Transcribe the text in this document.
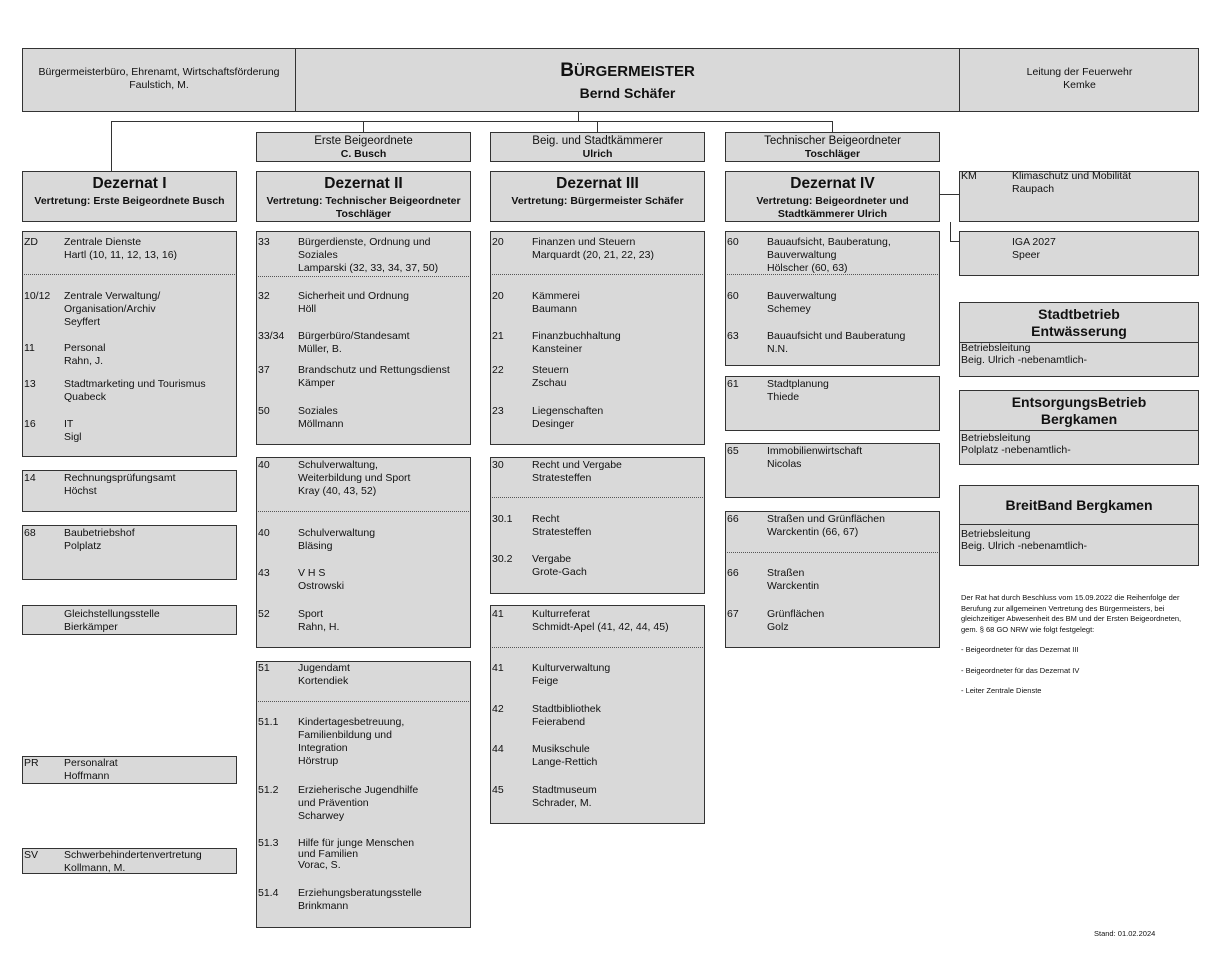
Bürgermeisterbüro, Ehrenamt, Wirtschaftsförderung
Faulstich, M.
BÜRGERMEISTER
Bernd Schäfer
Leitung der Feuerwehr
Kemke
Erste Beigeordnete
C. Busch
Beig. und Stadtkämmerer
Ulrich
Technischer Beigeordneter
Toschläger
Dezernat I
Vertretung: Erste Beigeordnete Busch
Dezernat II
Vertretung: Technischer Beigeordneter
Toschläger
Dezernat III
Vertretung: Bürgermeister Schäfer
Dezernat IV
Vertretung: Beigeordneter und
Stadtkämmerer Ulrich
ZD	Zentrale Dienste
Hartl (10, 11, 12, 13, 16)
10/12	Zentrale Verwaltung/
Organisation/Archiv
Seyffert
11	Personal
Rahn, J.
13	Stadtmarketing und Tourismus
Quabeck
16	IT
Sigl
14	Rechnungsprüfungsamt
Höchst
68	Baubetriebshof
Polplatz
Gleichstellungsstelle
Bierkämper
PR	Personalrat
Hoffmann
SV	Schwerbehindertenvertretung
Kollmann, M.
33	Bürgerdienste, Ordnung und
Soziales
Lamparski (32, 33, 34, 37, 50)
32	Sicherheit und Ordnung
Höll
33/34	Bürgerbüro/Standesamt
Müller, B.
37	Brandschutz und Rettungsdienst
Kämper
50	Soziales
Möllmann
40	Schulverwaltung,
Weiterbildung und Sport
Kray (40, 43, 52)
40	Schulverwaltung
Bläsing
43	V H S
Ostrowski
52	Sport
Rahn, H.
51	Jugendamt
Kortendiek
51.1	Kindertagesbetreuung,
Familienbildung und
Integration
Hörstrup
51.2	Erzieherische Jugendhilfe
und Prävention
Scharwey
51.3	Hilfe für junge Menschen
und Familien
Vorac, S.
51.4	Erziehungsberatungsstelle
Brinkmann
20	Finanzen und Steuern
Marquardt (20, 21, 22, 23)
20	Kämmerei
Baumann
21	Finanzbuchhaltung
Kansteiner
22	Steuern
Zschau
23	Liegenschaften
Desinger
30	Recht und Vergabe
Stratesteffen
30.1	Recht
Stratesteffen
30.2	Vergabe
Grote-Gach
41	Kulturreferat
Schmidt-Apel (41, 42, 44, 45)
41	Kulturverwaltung
Feige
42	Stadtbibliothek
Feierabend
44	Musikschule
Lange-Rettich
45	Stadtmuseum
Schrader, M.
60	Bauaufsicht, Bauberatung,
Bauverwaltung
Hölscher (60, 63)
60	Bauverwaltung
Schemey
63	Bauaufsicht und Bauberatung
N.N.
61	Stadtplanung
Thiede
65	Immobilienwirtschaft
Nicolas
66	Straßen und Grünflächen
Warckentin (66, 67)
66	Straßen
Warckentin
67	Grünflächen
Golz
KM	Klimaschutz und Mobilität
Raupach
IGA 2027
Speer
Stadtbetrieb
Entwässerung
Betriebsleitung
Beig. Ulrich -nebenamtlich-
EntsorgungsBetrieb
Bergkamen
Betriebsleitung
Polplatz -nebenamtlich-
BreitBand Bergkamen
Betriebsleitung
Beig. Ulrich -nebenamtlich-
Der Rat hat durch Beschluss vom 15.09.2022 die Reihenfolge der
Berufung zur allgemeinen Vertretung des Bürgermeisters, bei
gleichzeitiger Abwesenheit des BM und der Ersten Beigeordneten,
gem. § 68 GO NRW wie folgt festgelegt:
- Beigeordneter für das Dezernat III
- Beigeordneter für das Dezernat IV
- Leiter Zentrale Dienste
Stand: 01.02.2024
